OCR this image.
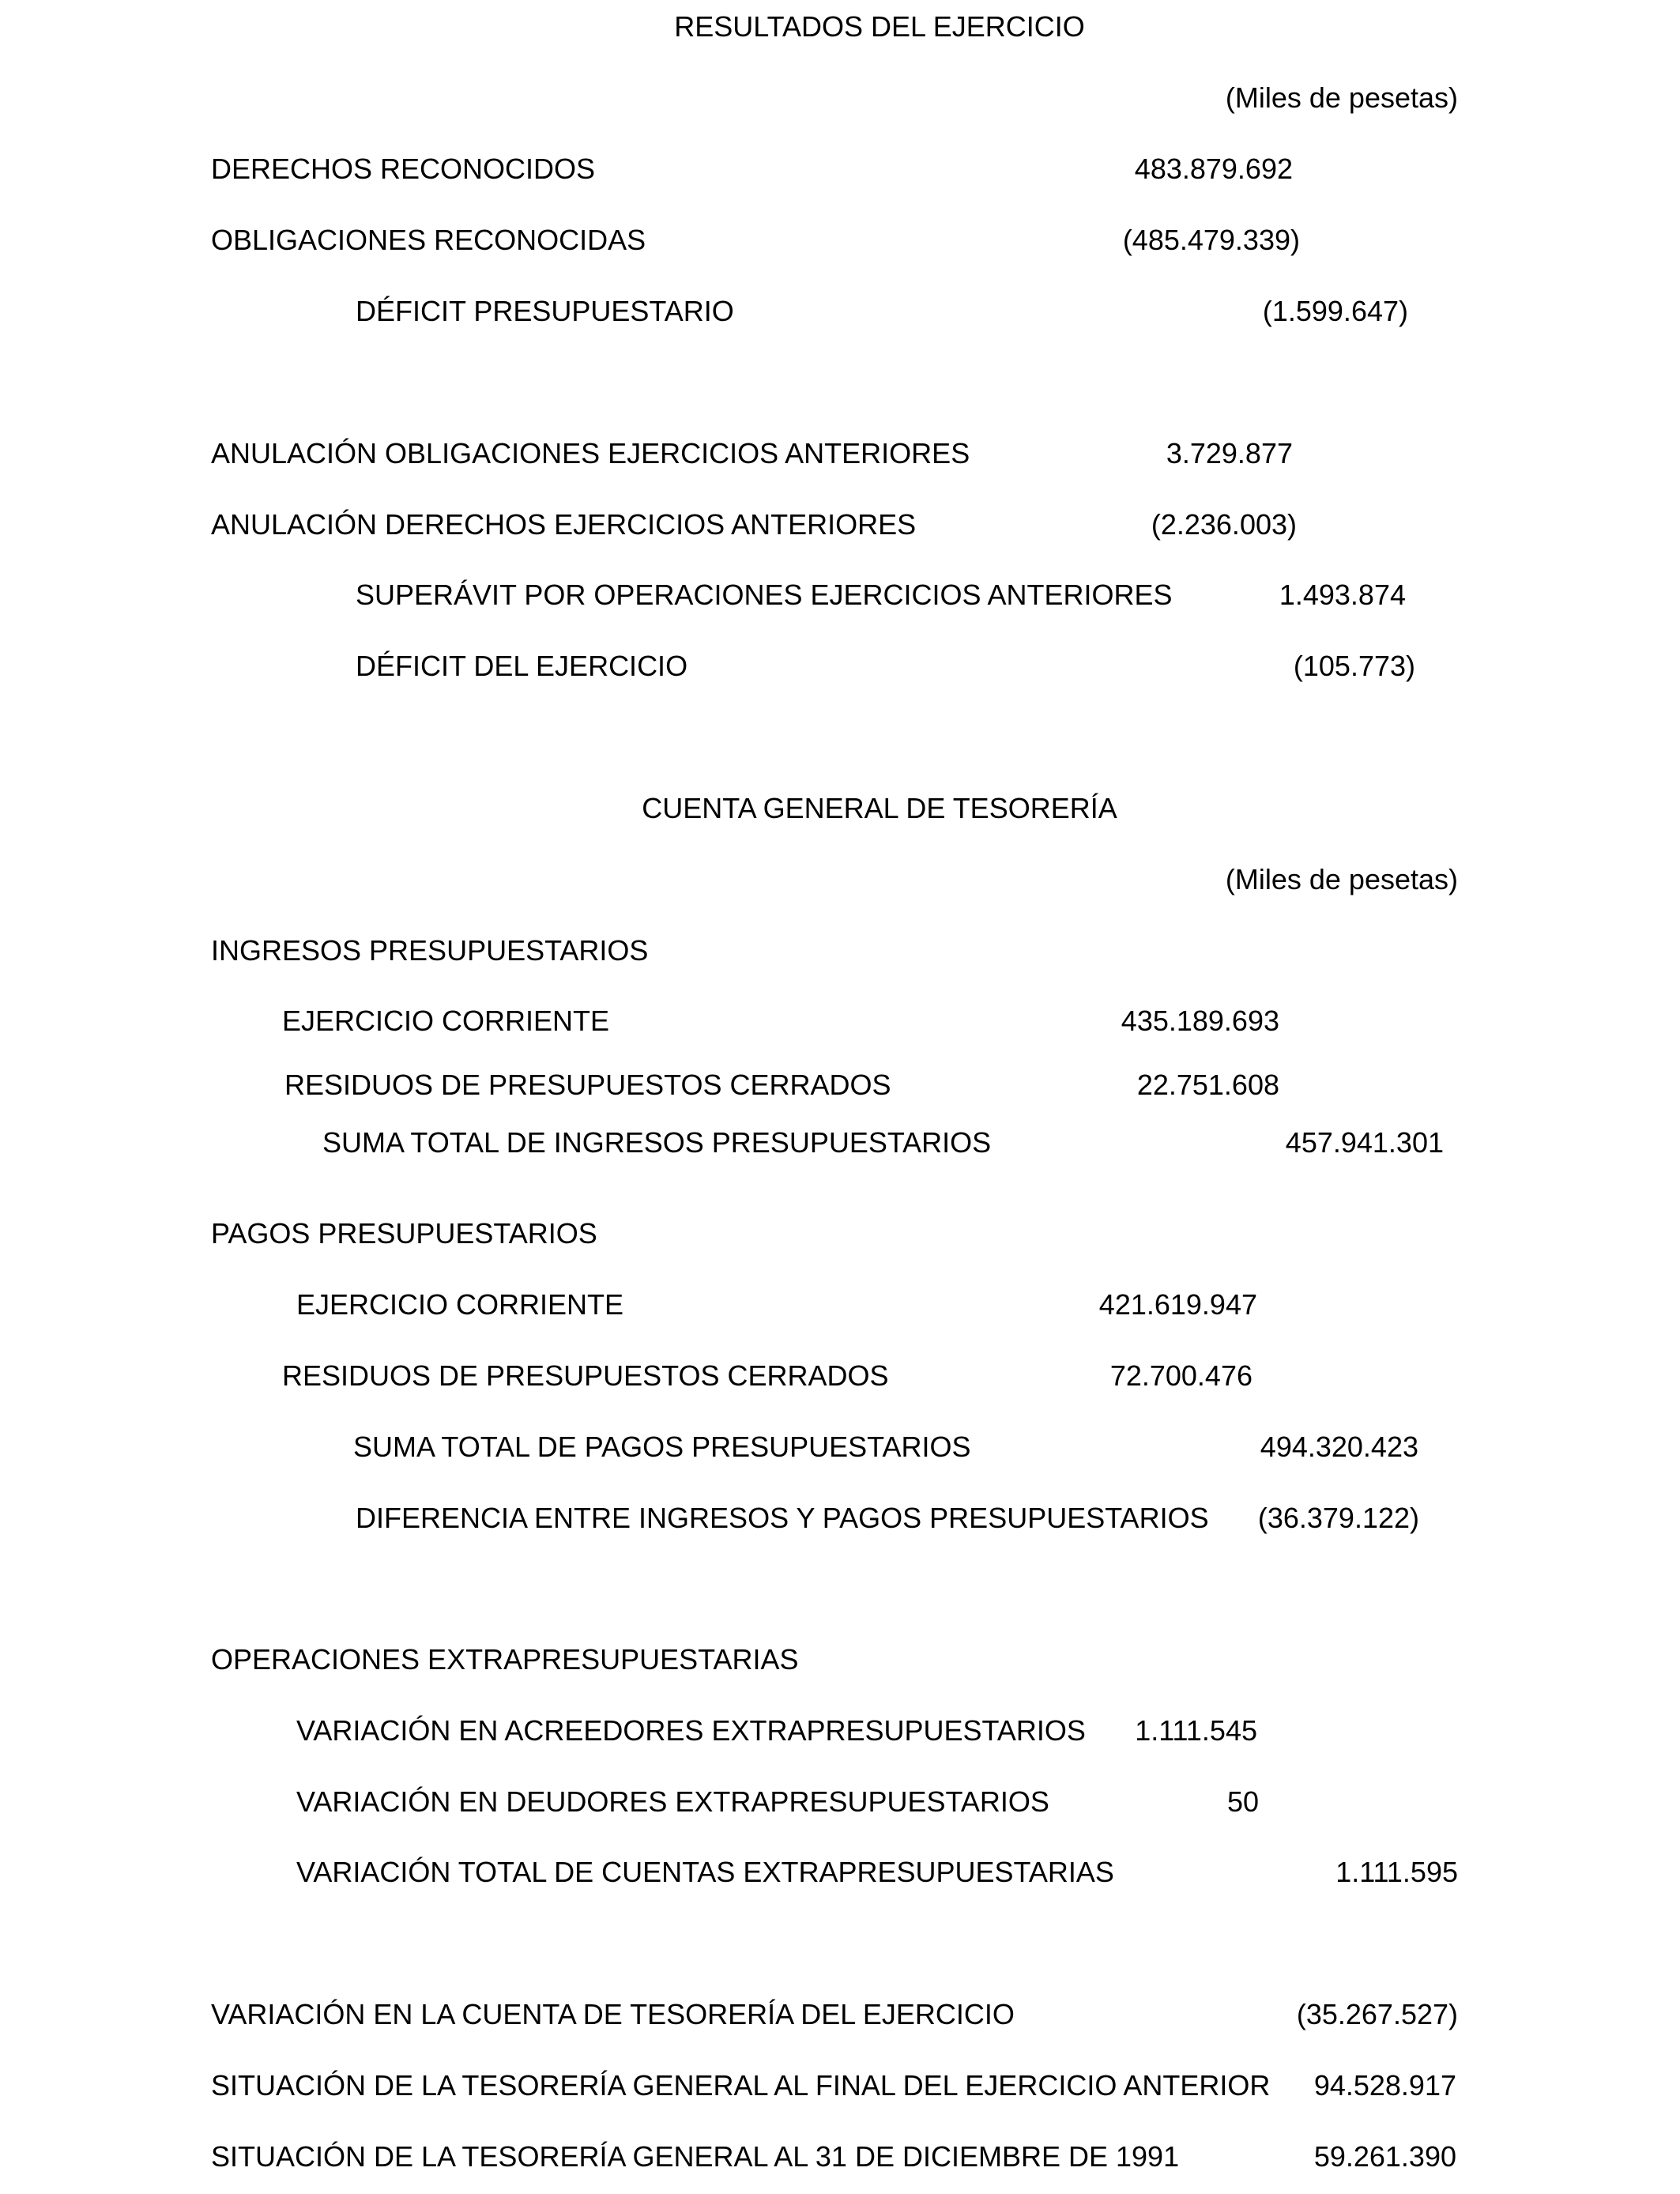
RESULTADOS DEL EJERCICIO

(Miles de pesetas)

DERECHOS RECONOCIDOS	483.879.692

OBLIGACIONES RECONOCIDAS	(485.479.339)

DÉFICIT PRESUPUESTARIO	(1.599.647)

ANULACIÓN OBLIGACIONES EJERCICIOS ANTERIORES	3.729.877

ANULACIÓN DERECHOS EJERCICIOS ANTERIORES	(2.236.003)

SUPERÁVIT POR OPERACIONES EJERCICIOS ANTERIORES	1.493.874

DÉFICIT DEL EJERCICIO	(105.773)

CUENTA GENERAL DE TESORERÍA

(Miles de pesetas)

INGRESOS PRESUPUESTARIOS

EJERCICIO CORRIENTE	435.189.693

RESIDUOS DE PRESUPUESTOS CERRADOS	22.751.608

SUMA TOTAL DE INGRESOS PRESUPUESTARIOS	457.941.301

PAGOS PRESUPUESTARIOS

EJERCICIO CORRIENTE	421.619.947

RESIDUOS DE PRESUPUESTOS CERRADOS	72.700.476

SUMA TOTAL DE PAGOS PRESUPUESTARIOS	494.320.423

DIFERENCIA ENTRE INGRESOS Y PAGOS PRESUPUESTARIOS (36.379.122)

OPERACIONES EXTRAPRESUPUESTARIAS

VARIACIÓN EN ACREEDORES EXTRAPRESUPUESTARIOS 1.111.545

VARIACIÓN EN DEUDORES EXTRAPRESUPUESTARIOS	50

VARIACIÓN TOTAL DE CUENTAS EXTRAPRESUPUESTARIAS	1.111.595

VARIACIÓN EN LA CUENTA DE TESORERÍA DEL EJERCICIO	(35.267.527)

SITUACIÓN DE LA TESORERÍA GENERAL AL FINAL DEL EJERCICIO ANTERIOR 94.528.917

SITUACIÓN DE LA TESORERÍA GENERAL AL 31 DE DICIEMBRE DE 1991	59.261.390
